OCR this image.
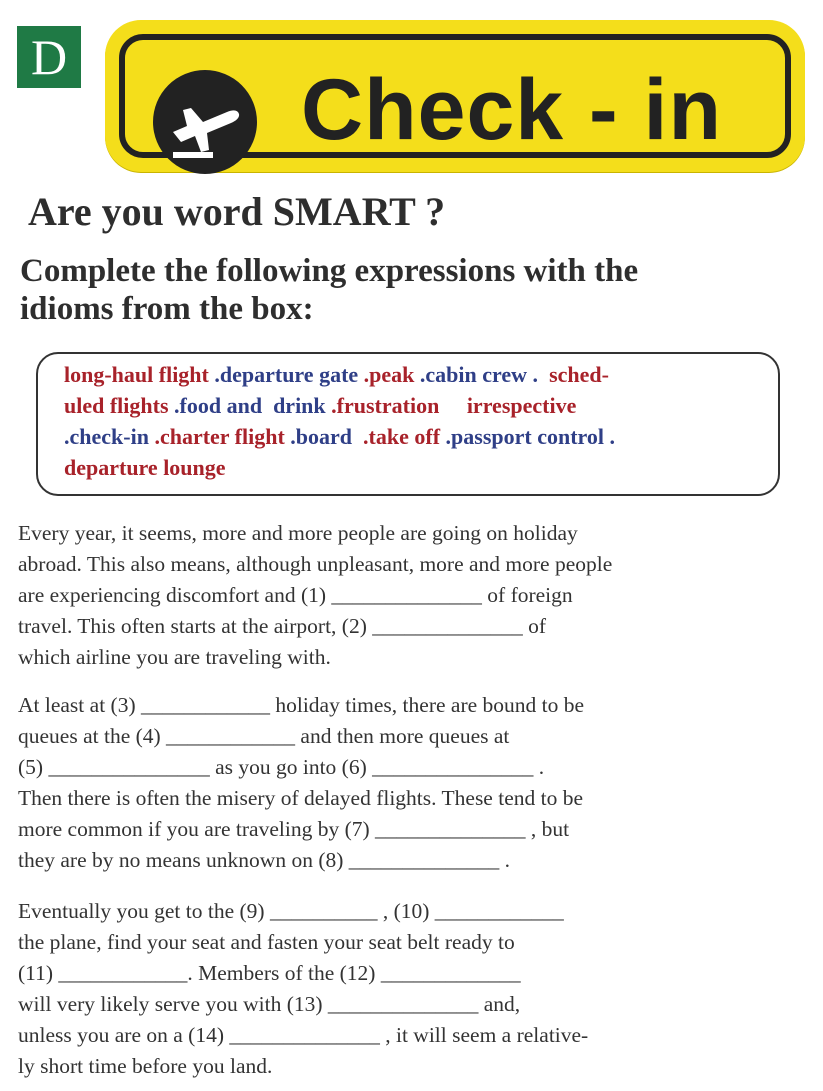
D
Check - in
Are you word SMART ?
Complete the following expressions with the
idioms from the box:
long-haul flight .departure gate .peak .cabin crew .  sched-
uled flights .food and  drink .frustration     irrespective
.check-in .charter flight .board  .take off .passport control .
departure lounge
Every year, it seems, more and more people are going on holiday
abroad. This also means, although unpleasant, more and more people
are experiencing discomfort and (1) ______________ of foreign
travel. This often starts at the airport, (2) ______________ of
which airline you are traveling with.
At least at (3) ____________ holiday times, there are bound to be
queues at the (4) ____________ and then more queues at
(5) _______________ as you go into (6) _______________ .
Then there is often the misery of delayed flights. These tend to be
more common if you are traveling by (7) ______________ , but
they are by no means unknown on (8) ______________ .
Eventually you get to the (9) __________ , (10) ____________
the plane, find your seat and fasten your seat belt ready to
(11) ____________. Members of the (12) _____________
will very likely serve you with (13) ______________ and,
unless you are on a (14) ______________ , it will seem a relative-
ly short time before you land.
